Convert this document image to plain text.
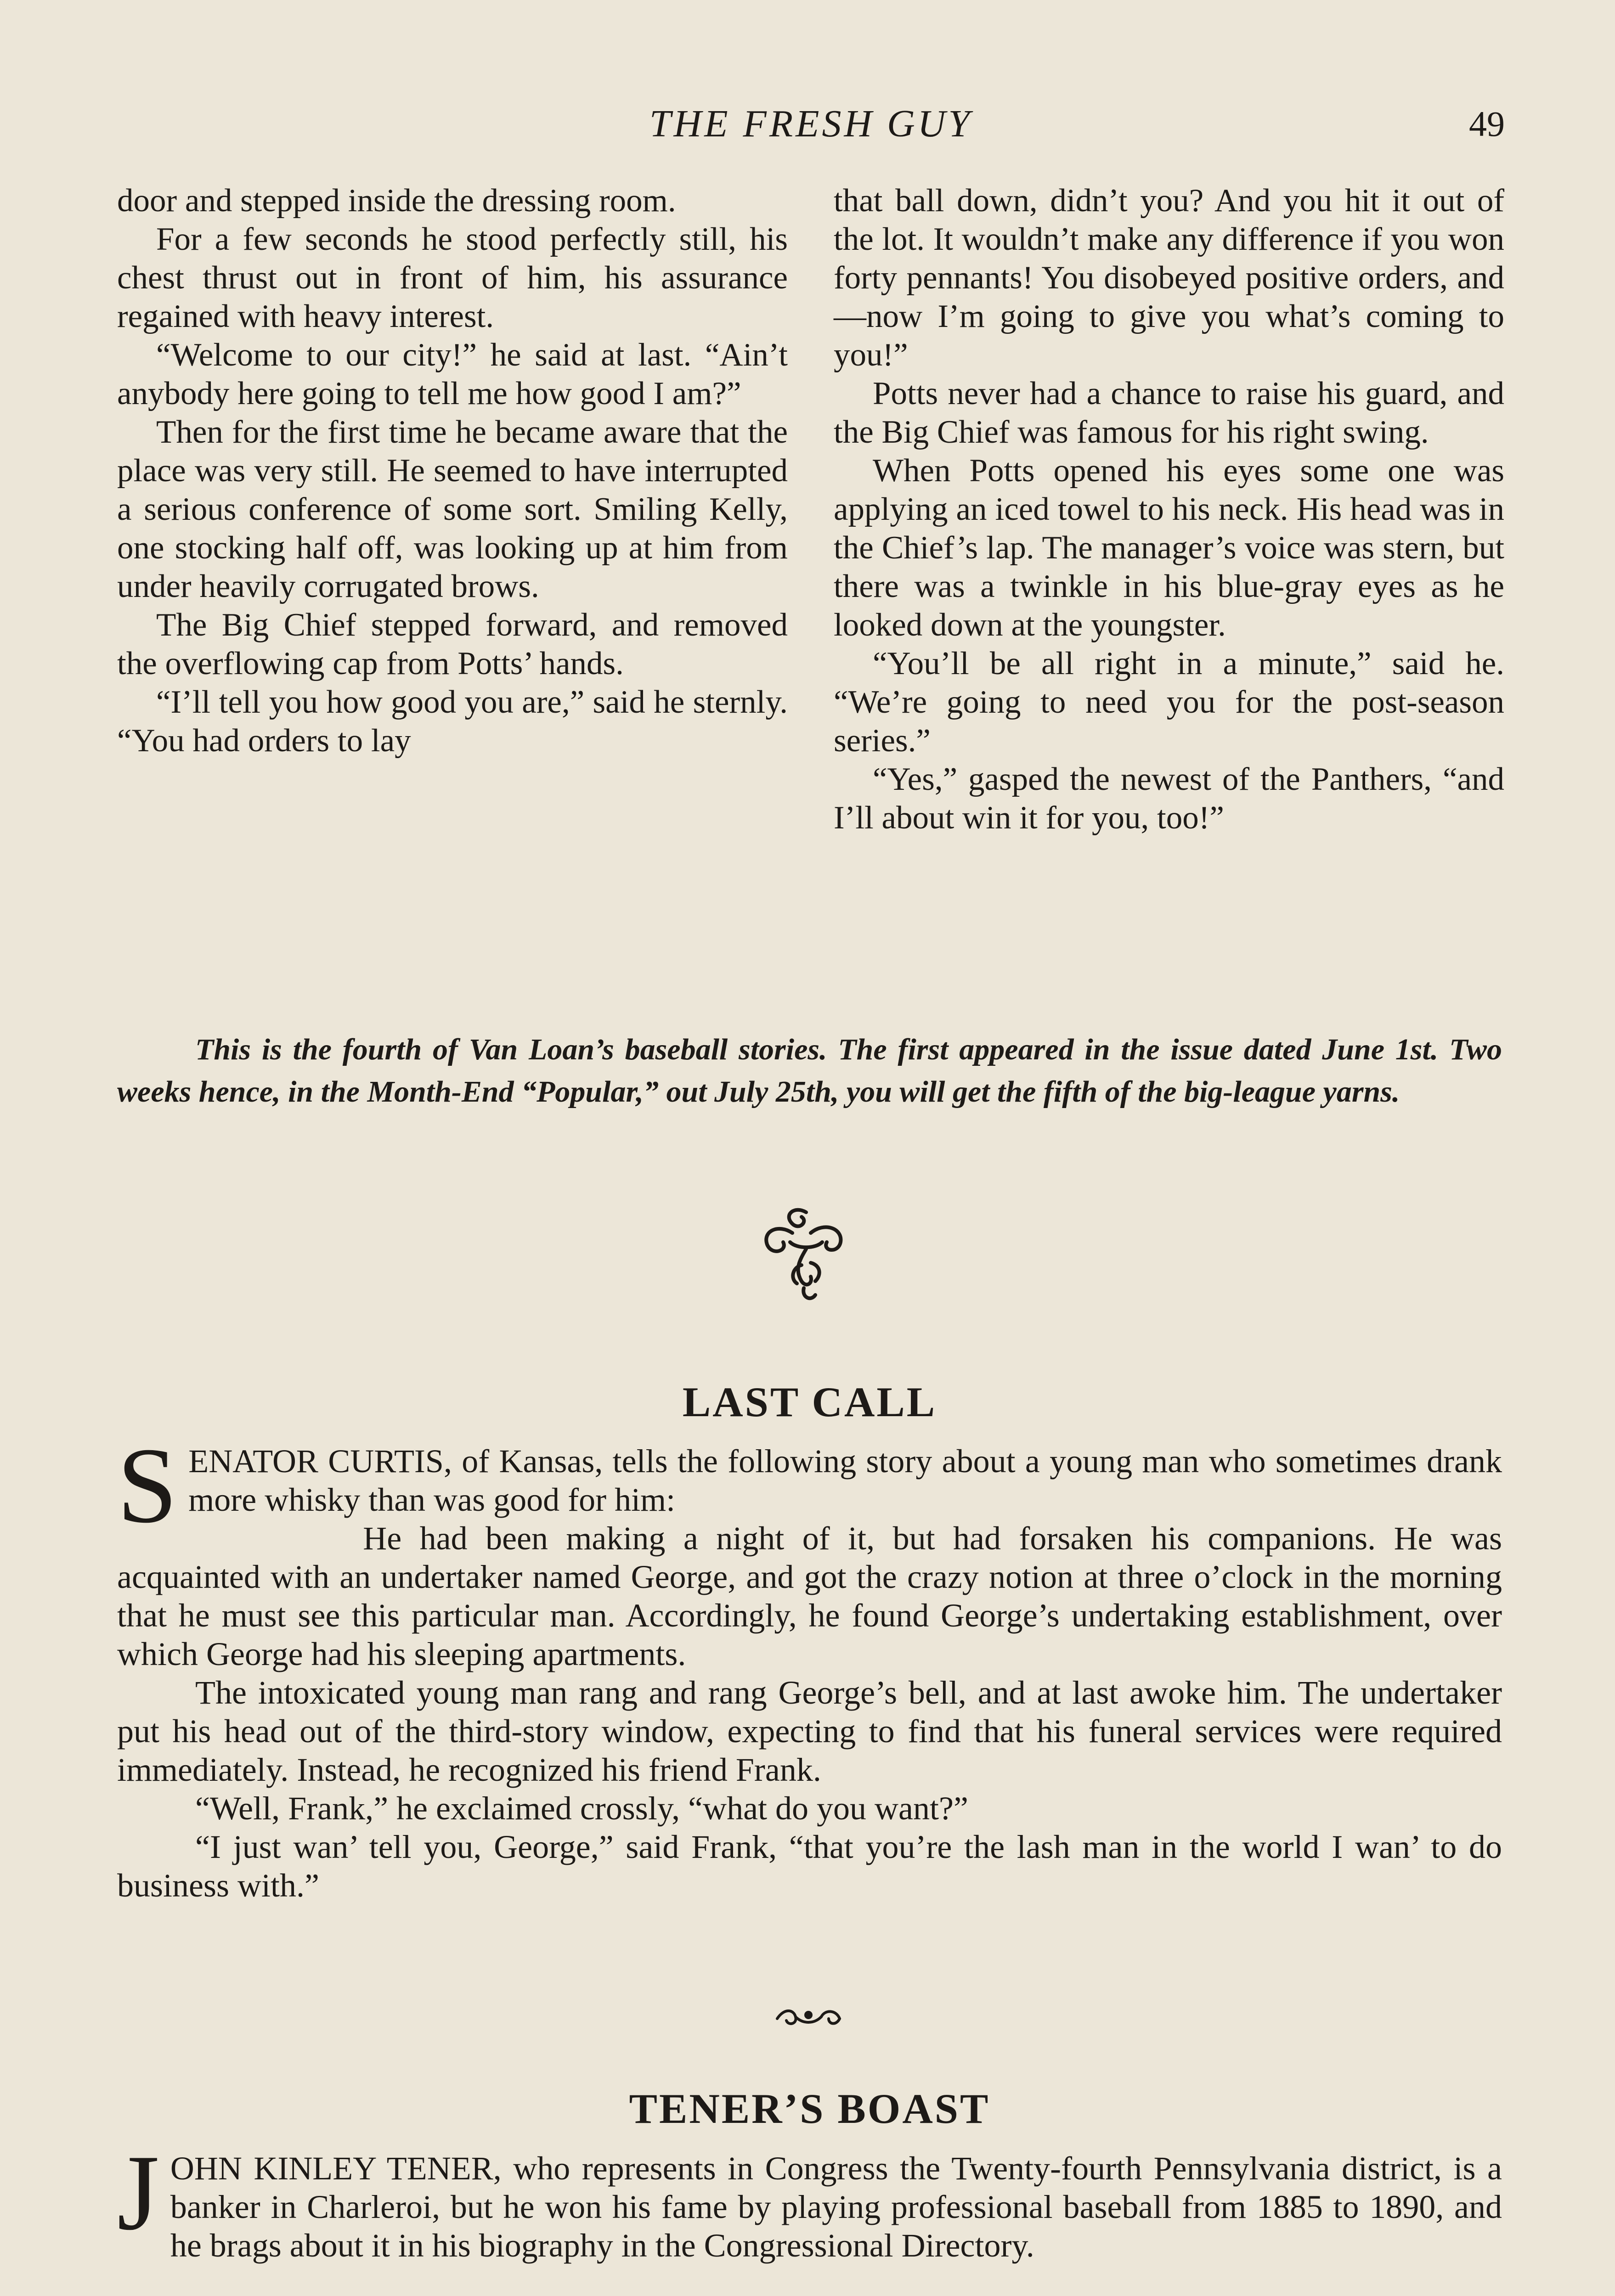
THE FRESH GUY	49

door and stepped inside the dressing room.

For a few seconds he stood perfectly still, his chest thrust out in front of him, his assurance regained with heavy interest.

“Welcome to our city!” he said at last. “Ain’t anybody here going to tell me how good I am?”

Then for the first time he became aware that the place was very still. He seemed to have interrupted a serious conference of some sort. Smiling Kelly, one stocking half off, was looking up at him from under heavily corrugated brows.

The Big Chief stepped forward, and removed the overflowing cap from Potts’ hands.

“I’ll tell you how good you are,” said he sternly. “You had orders to lay

that ball down, didn’t you? And you hit it out of the lot. It wouldn’t make any difference if you won forty pennants! You disobeyed positive orders, and—now I’m going to give you what’s coming to you!”

Potts never had a chance to raise his guard, and the Big Chief was famous for his right swing.

When Potts opened his eyes some one was applying an iced towel to his neck. His head was in the Chief’s lap. The manager’s voice was stern, but there was a twinkle in his blue-gray eyes as he looked down at the youngster.

“You’ll be all right in a minute,” said he. “We’re going to need you for the post-season series.”

“Yes,” gasped the newest of the Panthers, “and I’ll about win it for you, too!”

This is the fourth of Van Loan’s baseball stories. The first appeared in the issue dated June 1st. Two weeks hence, in the Month-End “Popular,” out July 25th, you will get the fifth of the big-league yarns.

LAST CALL
S ENATOR CURTIS, of Kansas, tells the following story about a young man who sometimes drank more whisky than was good for him:

He had been making a night of it, but had forsaken his companions. He was acquainted with an undertaker named George, and got the crazy notion at three o’clock in the morning that he must see this particular man. Accordingly, he found George’s undertaking establishment, over which George had his sleeping apartments.

The intoxicated young man rang and rang George’s bell, and at last awoke him. The undertaker put his head out of the third-story window, expecting to find that his funeral services were required immediately. Instead, he recognized his friend Frank.

“Well, Frank,” he exclaimed crossly, “what do you want?”

“I just wan’ tell you, George,” said Frank, “that you’re the lash man in the world I wan’ to do business with.”

TENER’S BOAST
J OHN KINLEY TENER, who represents in Congress the Twenty-fourth Pennsylvania district, is a banker in Charleroi, but he won his fame by playing professional baseball from 1885 to 1890, and he brags about it in his biography in the Congressional Directory.
